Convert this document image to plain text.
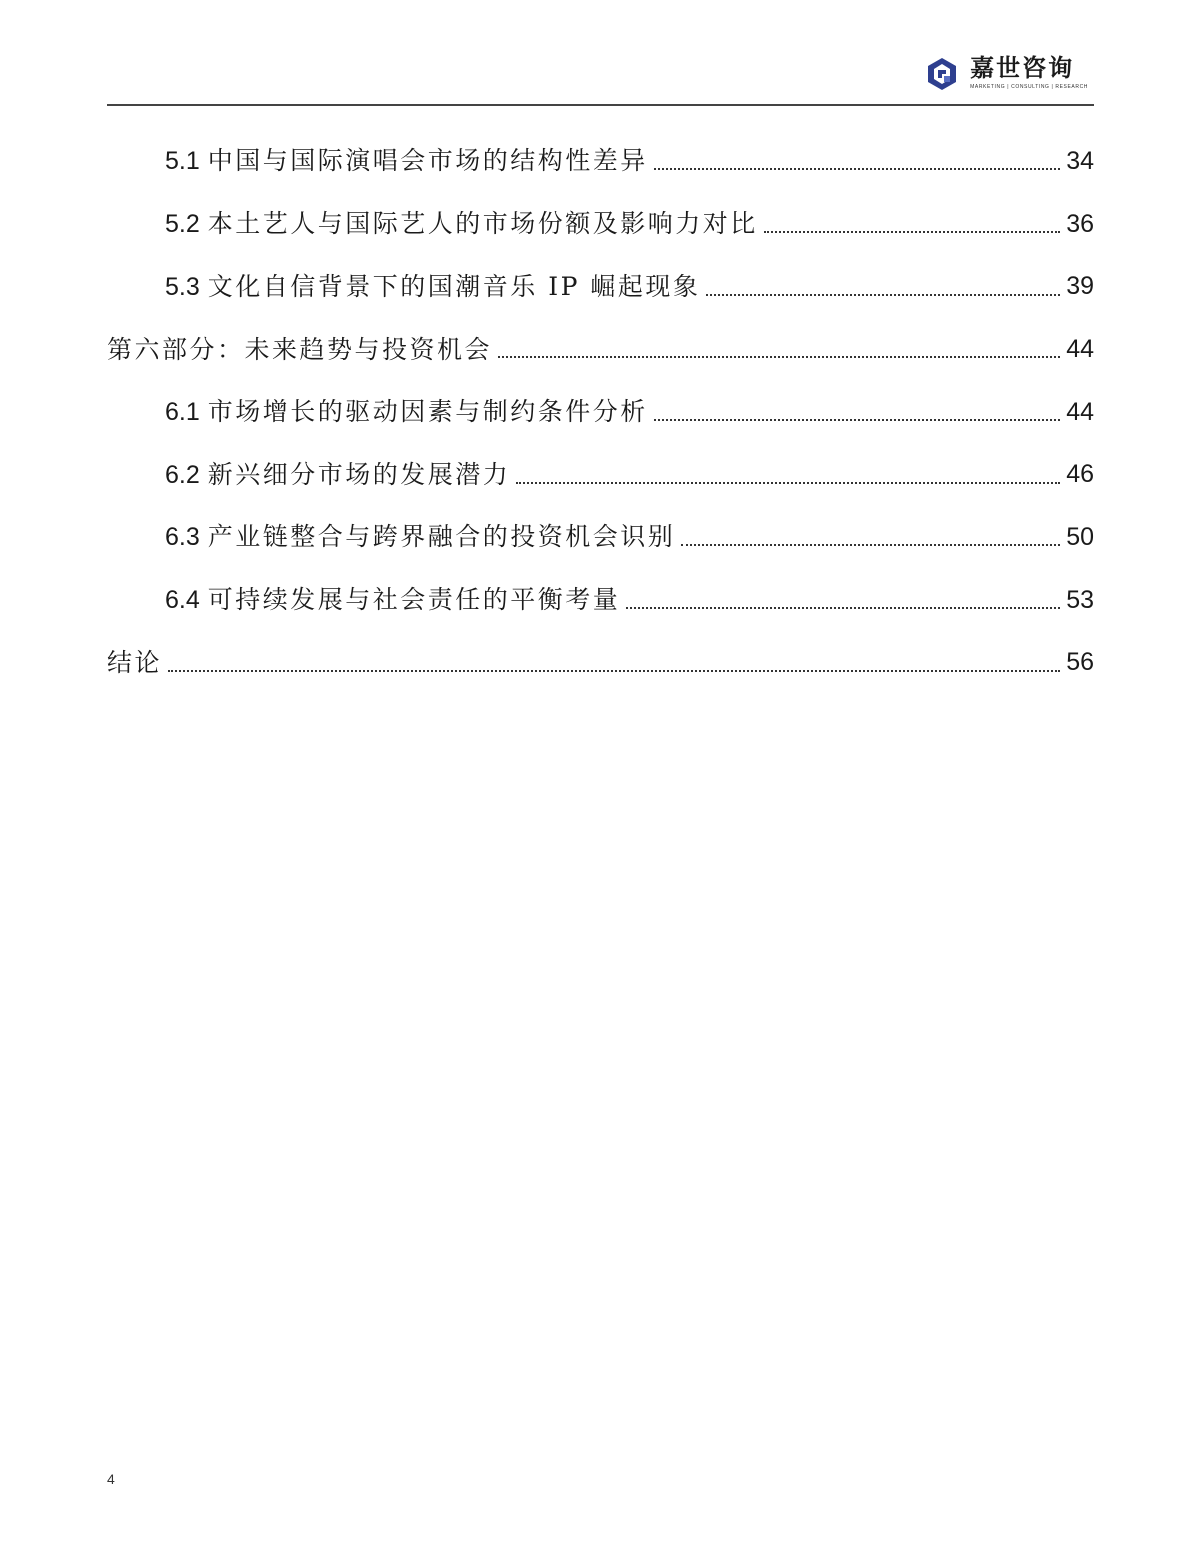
嘉世咨询
MARKETING | CONSULTING | RESEARCH
5.1 中国与国际演唱会市场的结构性差异	34
5.2 本土艺人与国际艺人的市场份额及影响力对比	36
5.3 文化自信背景下的国潮音乐 IP 崛起现象	39
第六部分：未来趋势与投资机会	44
6.1 市场增长的驱动因素与制约条件分析	44
6.2 新兴细分市场的发展潜力	46
6.3 产业链整合与跨界融合的投资机会识别	50
6.4 可持续发展与社会责任的平衡考量	53
结论	56
4
